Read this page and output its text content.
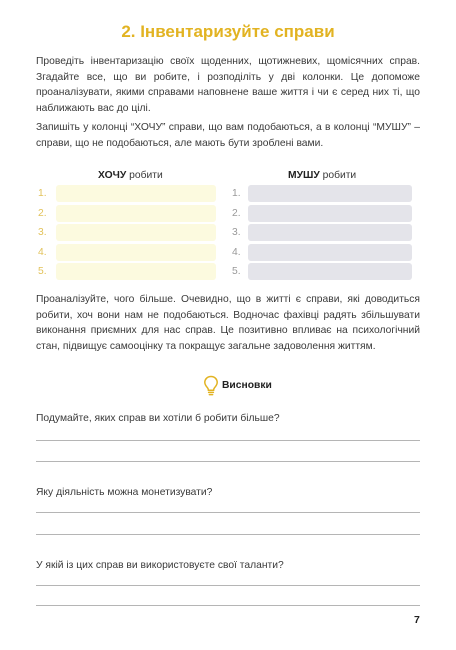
2. Інвентаризуйте справи

Проведіть інвентаризацію своїх щоденних, щотижневих, щомісячних справ. Згадайте все, що ви робите, і розподіліть у дві колонки. Це допоможе проаналізувати, якими справами наповнене ваше життя і чи є серед них ті, що наближають вас до цілі.

Запишіть у колонці “ХОЧУ” справи, що вам подобаються, а в колонці “МУШУ” – справи, що не подобаються, але мають бути зроблені вами.

ХОЧУ робити	МУШУ робити
1.
2.
3.
4.
5.
1.
2.
3.
4.
5.

Проаналізуйте, чого більше. Очевидно, що в житті є справи, які доводиться робити, хоч вони нам не подобаються. Водночас фахівці радять збільшувати виконання приємних для нас справ. Це позитивно впливає на психологічний стан, підвищує самооцінку та покращує загальне задоволення життям.

Висновки
Подумайте, яких справ ви хотіли б робити більше?
Яку діяльність можна монетизувати?
У якій із цих справ ви використовуєте свої таланти?
7
